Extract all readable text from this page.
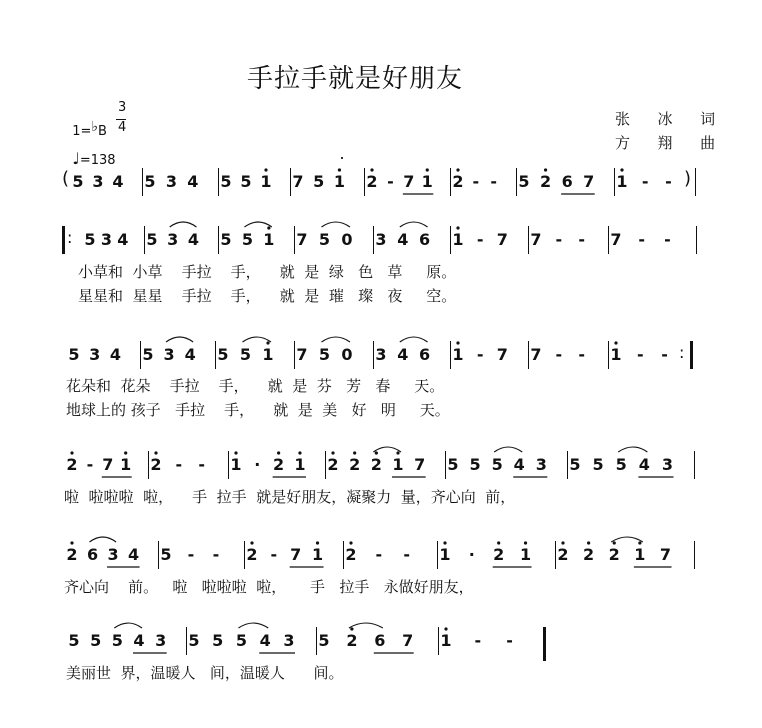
手拉手就是好朋友

1=♭B

3
4

♩=138

张  冰  词
方  翔  曲
5 3 4 5 3 4 5 5 1 7 5 1 2 - 7 1 2 - - 5 2 6 7 1 - -
5 3 4 5 3 4 5 5 1 7 5 0 3 4 6 1 - 7 7 - - 7 - -
小草和  小草    手拉    手，    就  是  绿   色   草     原。
星星和  星星    手拉    手，    就  是  璀   璨   夜     空。
5 3 4 5 3 4 5 5 1 7 5 0 3 4 6 1 - 7 7 - - 1 - -
花朵和  花朵    手拉    手，    就  是  芬   芳   春     天。
地球上的 孩子   手拉    手，    就  是  美   好   明     天。
2 - 7 1 2 - - 1 · 2 1 2 2 2 1 7 5 5 5 4 3 5 5 5 4 3
啦  啦啦啦  啦，    手  拉手  就是好朋友，凝聚力  量，齐心向  前，
2 6 3 4 5 - - 2 - 7 1 2 - - 1 · 2 1 2 2 2 1 7
齐心向    前。   啦   啦啦啦  啦，     手   拉手   永做好朋友，
5 5 5 4 3 5 5 5 4 3 5 2 6 7 1 - -
美丽世  界，温暖人   间，温暖人      间。
(	)
:
:
